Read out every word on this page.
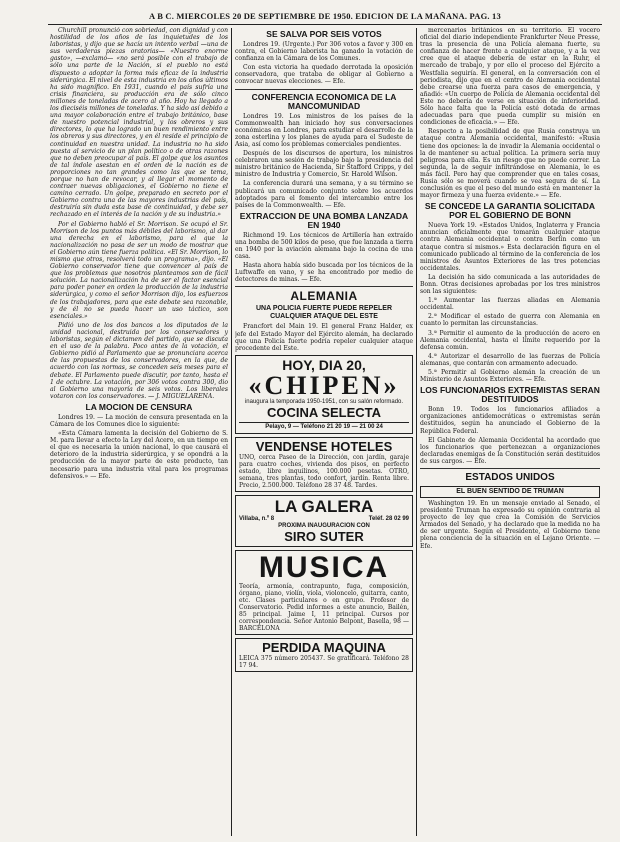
A B C. MIERCOLES 20 DE SEPTIEMBRE DE 1950. EDICION DE LA MAÑANA. PAG. 13

Churchill pronunció con sobriedad, con dignidad y con hostilidad de los años de las inquietudes de los laboristas, y dijo que se hacía un intento verbal —una de sus verdaderas piezas oratorias— «Nuestro enorme gasto», —exclamó— «no será posible con el trabajo de sólo una parte de la Nación, si el pueblo no está dispuesto a adoptar la forma más eficaz de la industria siderúrgica. El nivel de esta industria en los años últimos ha sido magnífico. En 1931, cuando el país sufría una crisis financiera, su producción era de sólo cinco millones de toneladas de acero al año. Hoy ha llegado a los dieciséis millones de toneladas. Y ha sido así debido a una mayor colaboración entre el trabajo británico, base de nuestro potencial industrial, y los obreros y sus directores, lo que ha logrado un buen rendimiento entre los obreros y sus directores, y en él reside el principio de continuidad en nuestra unidad. La industria no ha sido puesta al servicio de un plan político o de otras razones que no deben preocupar al país. El golpe que los asuntos de tal índole asestan en el orden de la nación es de proporciones no tan grandes como las que se tema, porque no han de revocar, y al llegar el momento de contraer nuevas obligaciones, el Gobierno no tiene el camino cerrado. Un golpe, preparado en secreto por el Gobierno contra una de las mayores industrias del país, destruiría sin duda esta base de continuidad, y debe ser rechazado en el interés de la nación y de su industria.»

Por el Gobierno habló el Sr. Morrison. Se ocupó el Sr. Morrison de los puntos más débiles del laborismo, al dar una derecha en el laborismo, para el que la nacionalización no pasa de ser un modo de mostrar que el Gobierno aún tiene fuerza política. «El Sr. Morrison, lo mismo que otros, resolverá todo un programa», dijo. «El Gobierno conservador tiene que convencer al país de que los problemas que nosotros planteamos son de fácil solución. La nacionalización ha de ser el factor esencial para poder poner en orden la producción de la industria siderúrgica, y como el señor Morrison dijo, los esfuerzos de los trabajadores, para que este debate sea razonable, y de él no se pueda hacer un uso táctico, son esenciales.»

Pidió uno de los dos bancos a los diputados de la unidad nacional, destruida por los conservadores y laboristas, según el dictamen del partido, que se discuta en el uso de la palabra. Poco antes de la votación, el Gobierno pidió al Parlamento que se pronunciara acerca de las propuestas de los conservadores, en la que, de acuerdo con las normas, se conceden seis meses para el debate. El Parlamento puede discutir, por tanto, hasta el 1 de octubre. La votación, por 306 votos contra 300, dio al Gobierno una mayoría de seis votos. Los liberales votaron con los conservadores. — J. MIGUELARENA.

LA MOCION DE CENSURA

Londres 19. — La moción de censura presentada en la Cámara de los Comunes dice lo siguiente:

«Esta Cámara lamenta la decisión del Gobierno de S. M. para llevar a efecto la Ley del Acero, en un tiempo en el que es necesaria la unión nacional, lo que causará el deterioro de la industria siderúrgica, y se opondrá a la producción de la mayor parte de este producto, tan necesario para una industria vital para los programas defensivos.» — Efe.

SE SALVA POR SEIS VOTOS

Londres 19. (Urgente.) Por 306 votos a favor y 300 en contra, el Gobierno laborista ha ganado la votación de confianza en la Cámara de los Comunes.

Con esta victoria ha quedado derrotada la oposición conservadora, que trataba de obligar al Gobierno a convocar nuevas elecciones. — Efe.

CONFERENCIA ECONOMICA DE LA MANCOMUNIDAD

Londres 19. Los ministros de los países de la Commonwealth han iniciado hoy sus conversaciones económicas en Londres, para estudiar el desarrollo de la zona esterlina y los planes de ayuda para el Sudeste de Asia, así como los problemas comerciales pendientes.

Después de los discursos de apertura, los ministros celebraron una sesión de trabajo bajo la presidencia del ministro británico de Hacienda, Sir Stafford Cripps, y del ministro de Industria y Comercio, Sr. Harold Wilson.

La conferencia durará una semana, y a su término se publicará un comunicado conjunto sobre los acuerdos adoptados para el fomento del intercambio entre los países de la Commonwealth. — Efe.

EXTRACCION DE UNA BOMBA LANZADA EN 1940

Richmond 19. Los técnicos de Artillería han extraído una bomba de 500 kilos de peso, que fue lanzada a tierra en 1940 por la aviación alemana bajo la cocina de una casa.

Hasta ahora había sido buscada por los técnicos de la Luftwaffe en vano, y se ha encontrado por medio de detectores de minas. — Efe.

ALEMANIA
UNA POLICIA FUERTE PUEDE REPELER CUALQUIER ATAQUE DEL ESTE

Francfort del Main 19. El general Franz Halder, ex jefe del Estado Mayor del Ejército alemán, ha declarado que una Policía fuerte podría repeler cualquier ataque procedente del Este.

HOY, DIA 20,
«CHIPEN»
inaugura la temporada 1950-1951, con su salón reformado.
COCINA SELECTA
Pelayo, 9 — Teléfono 21 20 19 — 21 00 24
VENDENSE HOTELES
UNO, cerca Paseo de la Dirección, con jardín, garaje para cuatro coches, vivienda dos pisos, en perfecto estado, libre inquilinos, 100.000 pesetas. OTRO, semana, tres plantas, todo confort, jardín. Renta libre. Precio, 2.500.000. Teléfono 28 37 48. Tardes.
LA GALERA
Villaba, n.º 8	Teléf. 28 02 99
PROXIMA INAUGURACION CON
SIRO SUTER
MUSICA
Teoría, armonía, contrapunto, fuga, composición, órgano, piano, violín, viola, violoncelo, guitarra, canto, etc. Clases particulares o en grupo. Profesor de Conservatorio. Pedid informes a este anuncio, Bailén, 85 principal. Jaime I, 11 principal. Cursos por correspondencia. Señor Antonio Belpont, Basella, 98 — BARCELONA
PERDIDA MAQUINA
LEICA 375 número 205437. Se gratificará. Teléfono 28 17 94.

mercenarios británicos en su territorio. El vocero oficial del diario independiente Frankfurter Neue Presse, tras la presencia de una Policía alemana fuerte, su confianza de hacer frente a cualquier ataque, y a la vez cree que el ataque debería de estar en la Ruhr, el mercado de trabajo, y por ello el proceso del Ejército a Westfalia seguiría. El general, en la conversación con el periodista, dijo que en el centro de Alemania occidental debe crearse una fuerza para casos de emergencia, y añadió: «Un cuerpo de Policía de Alemania occidental del Este no debería de verse en situación de inferioridad. Sólo hace falta que la Policía esté dotada de armas adecuadas para que pueda cumplir su misión en condiciones de eficacia.» — Efe.

Respecto a la posibilidad de que Rusia construya un ataque contra Alemania occidental, manifestó: «Rusia tiene dos opciones: la de invadir la Alemania occidental o la de mantener su actual política. La primera sería muy peligrosa para ella. Es un riesgo que no puede correr. La segunda, la de seguir infiltrándose en Alemania, le es más fácil. Pero hay que comprender que en tales cosas, Rusia sólo se moverá cuando se vea segura de sí. La conclusión es que el peso del mundo está en mantener la mayor firmeza y una fuerza evidente.» — Efe.

SE CONCEDE LA GARANTIA SOLICITADA POR EL GOBIERNO DE BONN

Nueva York 19. «Estados Unidos, Inglaterra y Francia anuncian oficialmente que tomarán cualquier ataque contra Alemania occidental o contra Berlín como un ataque contra sí mismos.» Esta declaración figura en el comunicado publicado al término de la conferencia de los ministros de Asuntos Exteriores de las tres potencias occidentales.

La decisión ha sido comunicada a las autoridades de Bonn. Otras decisiones aprobadas por los tres ministros son las siguientes:

1.ª Aumentar las fuerzas aliadas en Alemania occidental.

2.ª Modificar el estado de guerra con Alemania en cuanto lo permitan las circunstancias.

3.ª Permitir el aumento de la producción de acero en Alemania occidental, hasta el límite requerido por la defensa común.

4.ª Autorizar el desarrollo de las fuerzas de Policía alemanas, que contarán con armamento adecuado.

5.ª Permitir al Gobierno alemán la creación de un Ministerio de Asuntos Exteriores. — Efe.

LOS FUNCIONARIOS EXTREMISTAS SERAN DESTITUIDOS

Bonn 19. Todos los funcionarios afiliados a organizaciones antidemocráticas o extremistas serán destituidos, según ha anunciado el Gobierno de la República Federal.

El Gabinete de Alemania Occidental ha acordado que los funcionarios que pertenezcan a organizaciones declaradas enemigas de la Constitución serán destituidos de sus cargos. — Efe.

ESTADOS UNIDOS
EL BUEN SENTIDO DE TRUMAN

Washington 19. En un mensaje enviado al Senado, el presidente Truman ha expresado su opinión contraria al proyecto de ley que crea la Comisión de Servicios Armados del Senado, y ha declarado que la medida no ha de ser urgente. Según el Presidente, el Gobierno tiene plena conciencia de la situación en el Lejano Oriente. — Efe.
